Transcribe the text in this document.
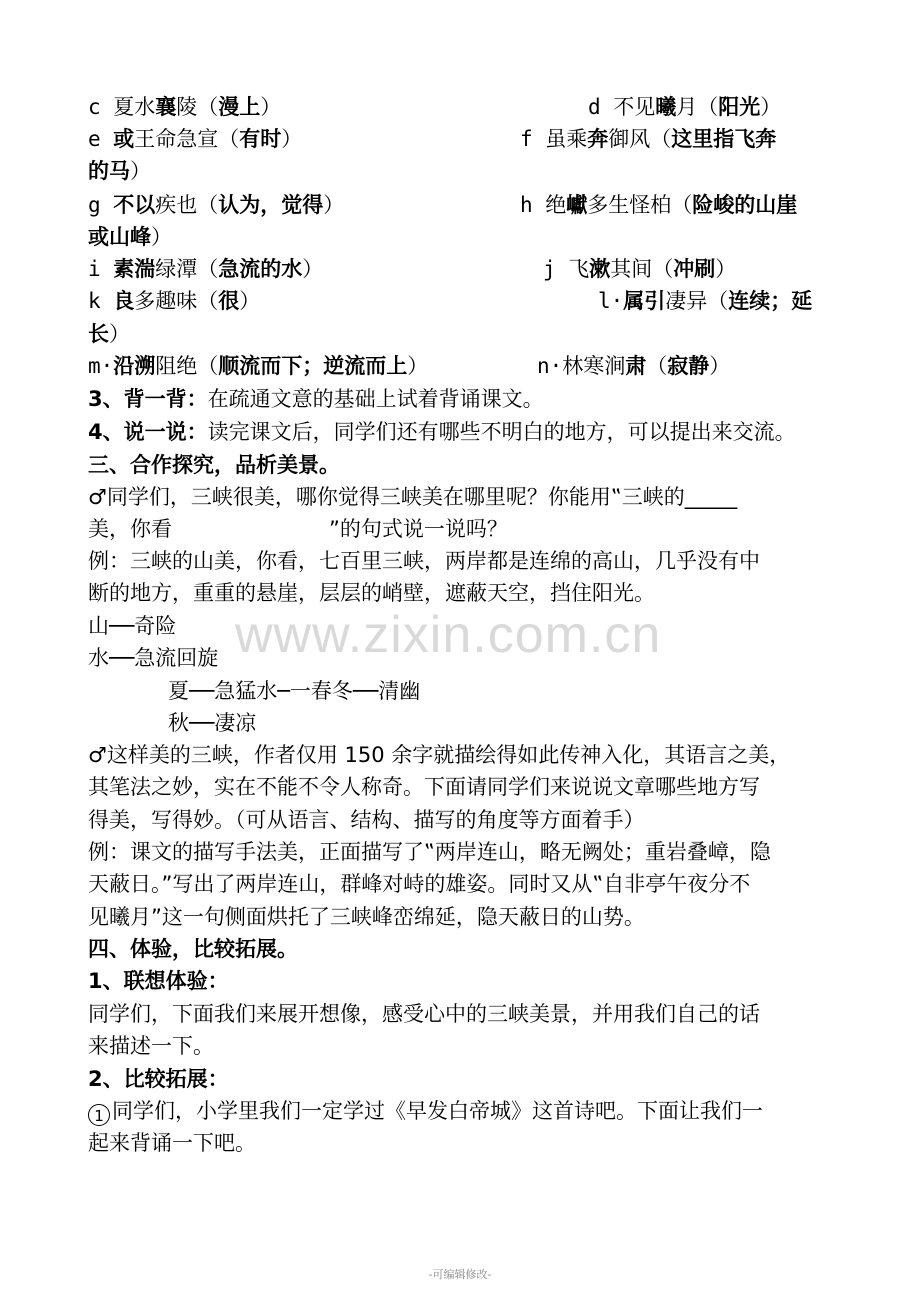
c 夏水襄陵（漫上）	d 不见曦月（阳光）
e 或王命急宣（有时）	f 虽乘奔御风（这里指飞奔
的马）
g 不以疾也（认为，觉得）	h 绝巘多生怪柏（险峻的山崖
或山峰）
i 素湍绿潭（急流的水）	j 飞漱其间（冲刷）
k 良多趣味（很）	l·属引凄异（连续；延
长）
m·沿溯阻绝（顺流而下；逆流而上）	n·林寒涧肃（寂静）
3、背一背：在疏通文意的基础上试着背诵课文。
4、说一说：读完课文后，同学们还有哪些不明白的地方，可以提出来交流。
三、合作探究，品析美景。
♂同学们，三峡很美，哪你觉得三峡美在哪里呢？你能用‟三峡的_____
美，你看	”的句式说一说吗？
例：三峡的山美，你看，七百里三峡，两岸都是连绵的高山，几乎没有中
断的地方，重重的悬崖，层层的峭壁，遮蔽天空，挡住阳光。
山──奇险
水──急流回旋
夏──急猛水─一春冬──清幽
秋──凄凉
♂这样美的三峡，作者仅用 150 余字就描绘得如此传神入化，其语言之美，
其笔法之妙，实在不能不令人称奇。下面请同学们来说说文章哪些地方写
得美，写得妙。（可从语言、结构、描写的角度等方面着手）
例：课文的描写手法美，正面描写了‟两岸连山，略无阙处；重岩叠嶂，隐
天蔽日。”写出了两岸连山，群峰对峙的雄姿。同时又从‟自非亭午夜分不
见曦月”这一句侧面烘托了三峡峰峦绵延，隐天蔽日的山势。
四、体验，比较拓展。
1、联想体验：
同学们，下面我们来展开想像，感受心中的三峡美景，并用我们自己的话
来描述一下。
2、比较拓展：
1 同学们，小学里我们一定学过《早发白帝城》这首诗吧。下面让我们一
起来背诵一下吧。
www.zixin.com.cn
-可编辑修改-
